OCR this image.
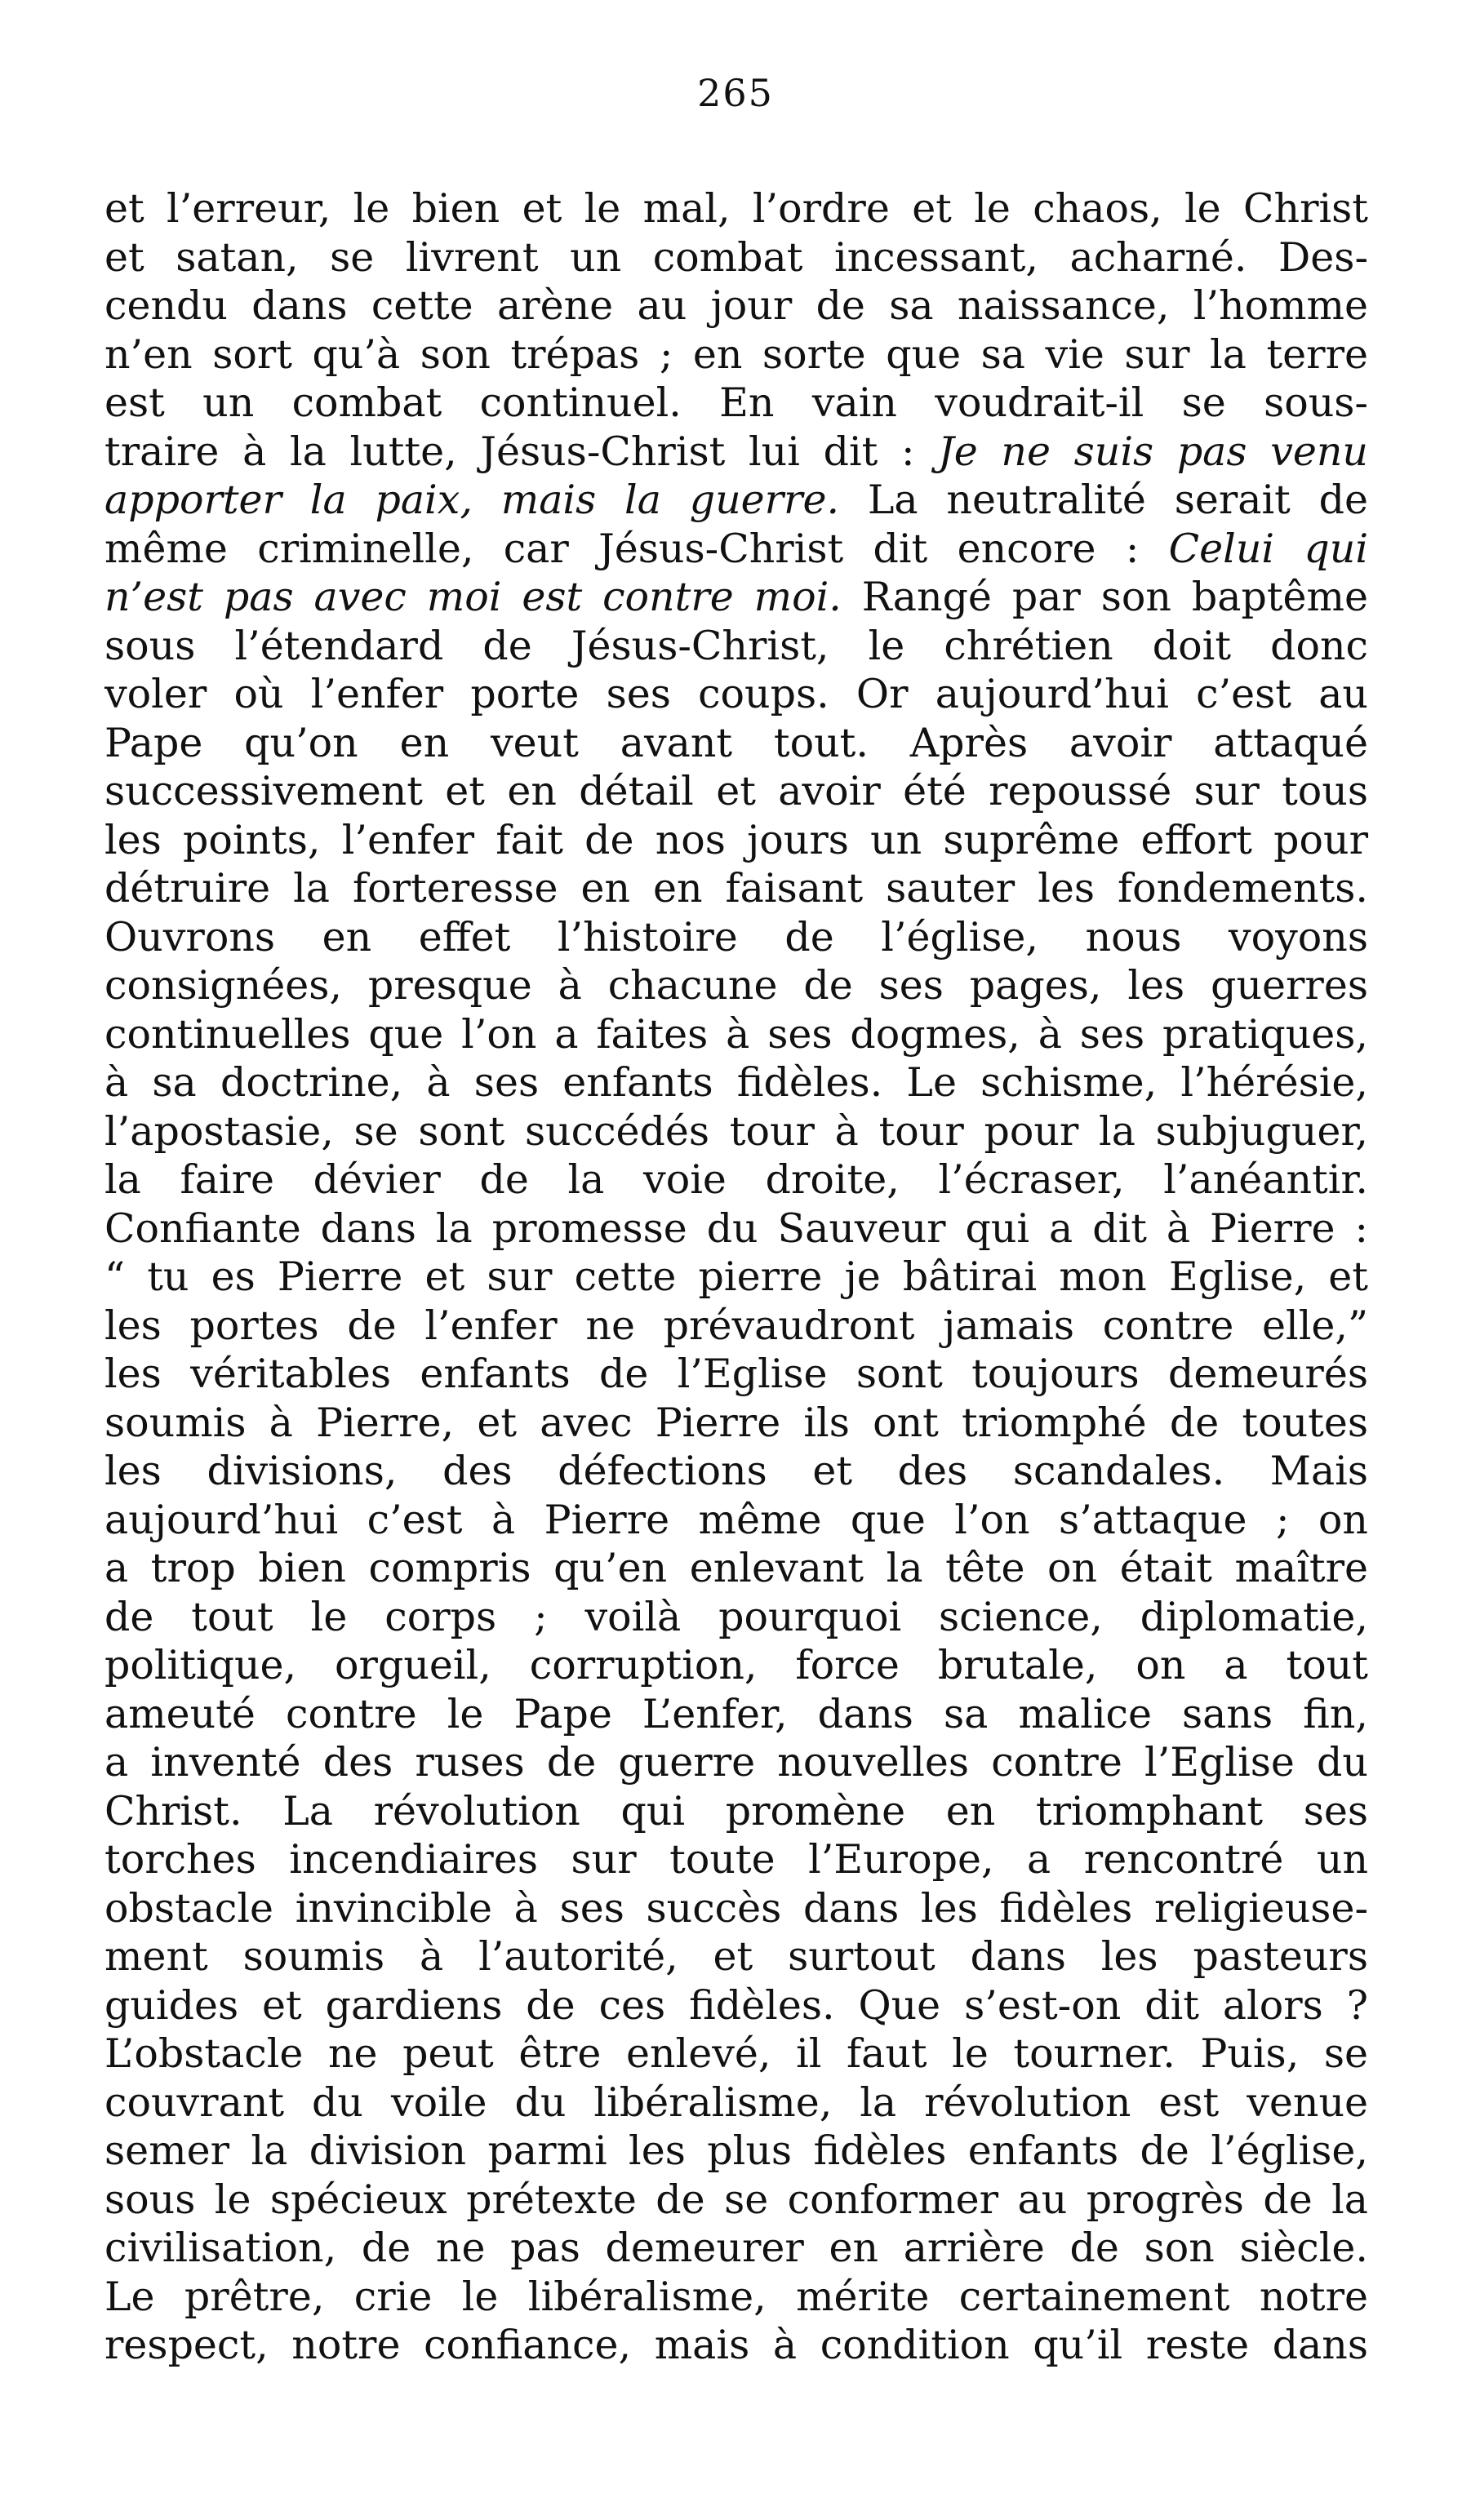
265
et l’erreur, le bien et le mal, l’ordre et le chaos, le Christ
et satan, se livrent un combat incessant, acharné. Des-
cendu dans cette arène au jour de sa naissance, l’homme
n’en sort qu’à son trépas ; en sorte que sa vie sur la terre
est un combat continuel. En vain voudrait-il se sous-
traire à la lutte, Jésus-Christ lui dit : Je ne suis pas venu
apporter la paix, mais la guerre. La neutralité serait de
même criminelle, car Jésus-Christ dit encore : Celui qui
n’est pas avec moi est contre moi. Rangé par son baptême
sous l’étendard de Jésus-Christ, le chrétien doit donc
voler où l’enfer porte ses coups. Or aujourd’hui c’est au
Pape qu’on en veut avant tout. Après avoir attaqué
successivement et en détail et avoir été repoussé sur tous
les points, l’enfer fait de nos jours un suprême effort pour
détruire la forteresse en en faisant sauter les fondements.
Ouvrons en effet l’histoire de l’église, nous voyons
consignées, presque à chacune de ses pages, les guerres
continuelles que l’on a faites à ses dogmes, à ses pratiques,
à sa doctrine, à ses enfants fidèles. Le schisme, l’hérésie,
l’apostasie, se sont succédés tour à tour pour la subjuguer,
la faire dévier de la voie droite, l’écraser, l’anéantir.
Confiante dans la promesse du Sauveur qui a dit à Pierre :
“ tu es Pierre et sur cette pierre je bâtirai mon Eglise, et
les portes de l’enfer ne prévaudront jamais contre elle,”
les véritables enfants de l’Eglise sont toujours demeurés
soumis à Pierre, et avec Pierre ils ont triomphé de toutes
les divisions, des défections et des scandales. Mais
aujourd’hui c’est à Pierre même que l’on s’attaque ; on
a trop bien compris qu’en enlevant la tête on était maître
de tout le corps ; voilà pourquoi science, diplomatie,
politique, orgueil, corruption, force brutale, on a tout
ameuté contre le Pape L’enfer, dans sa malice sans fin,
a inventé des ruses de guerre nouvelles contre l’Eglise du
Christ. La révolution qui promène en triomphant ses
torches incendiaires sur toute l’Europe, a rencontré un
obstacle invincible à ses succès dans les fidèles religieuse-
ment soumis à l’autorité, et surtout dans les pasteurs
guides et gardiens de ces fidèles. Que s’est-on dit alors ?
L’obstacle ne peut être enlevé, il faut le tourner. Puis, se
couvrant du voile du libéralisme, la révolution est venue
semer la division parmi les plus fidèles enfants de l’église,
sous le spécieux prétexte de se conformer au progrès de la
civilisation, de ne pas demeurer en arrière de son siècle.
Le prêtre, crie le libéralisme, mérite certainement notre
respect, notre confiance, mais à condition qu’il reste dans
